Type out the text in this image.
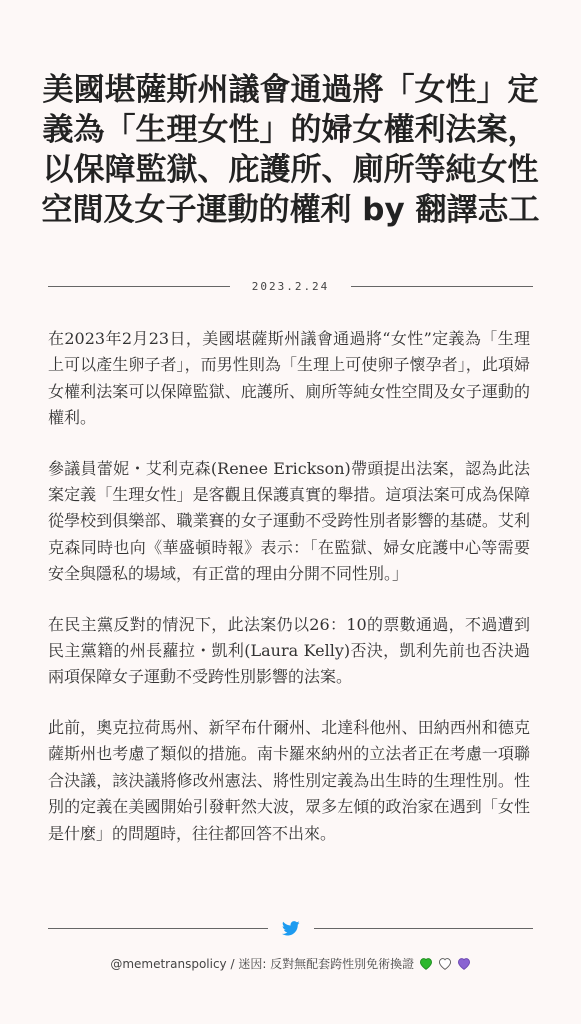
美國堪薩斯州議會通過將「女性」定義為「生理女性」的婦女權利法案，以保障監獄、庇護所、廁所等純女性空間及女子運動的權利 by 翻譯志工
2023.2.24

在2023年2月23日，美國堪薩斯州議會通過將“女性”定義為「生理上可以產生卵子者」，而男性則為「生理上可使卵子懷孕者」，此項婦女權利法案可以保障監獄、庇護所、廁所等純女性空間及女子運動的權利。

參議員蕾妮・艾利克森(Renee Erickson)帶頭提出法案，認為此法案定義「生理女性」是客觀且保護真實的舉措。這項法案可成為保障從學校到俱樂部、職業賽的女子運動不受跨性別者影響的基礎。艾利克森同時也向《華盛頓時報》表示：「在監獄、婦女庇護中心等需要安全與隱私的場域，有正當的理由分開不同性別。」

在民主黨反對的情況下，此法案仍以26：10的票數通過，不過遭到民主黨籍的州長蘿拉・凱利(Laura Kelly)否決，凱利先前也否決過兩項保障女子運動不受跨性別影響的法案。

此前，奧克拉荷馬州、新罕布什爾州、北達科他州、田納西州和德克薩斯州也考慮了類似的措施。南卡羅來納州的立法者正在考慮一項聯合決議，該決議將修改州憲法、將性別定義為出生時的生理性別。性別的定義在美國開始引發軒然大波，眾多左傾的政治家在遇到「女性是什麼」的問題時，往往都回答不出來。

@memetranspolicy / 迷因: 反對無配套跨性別免術換證
